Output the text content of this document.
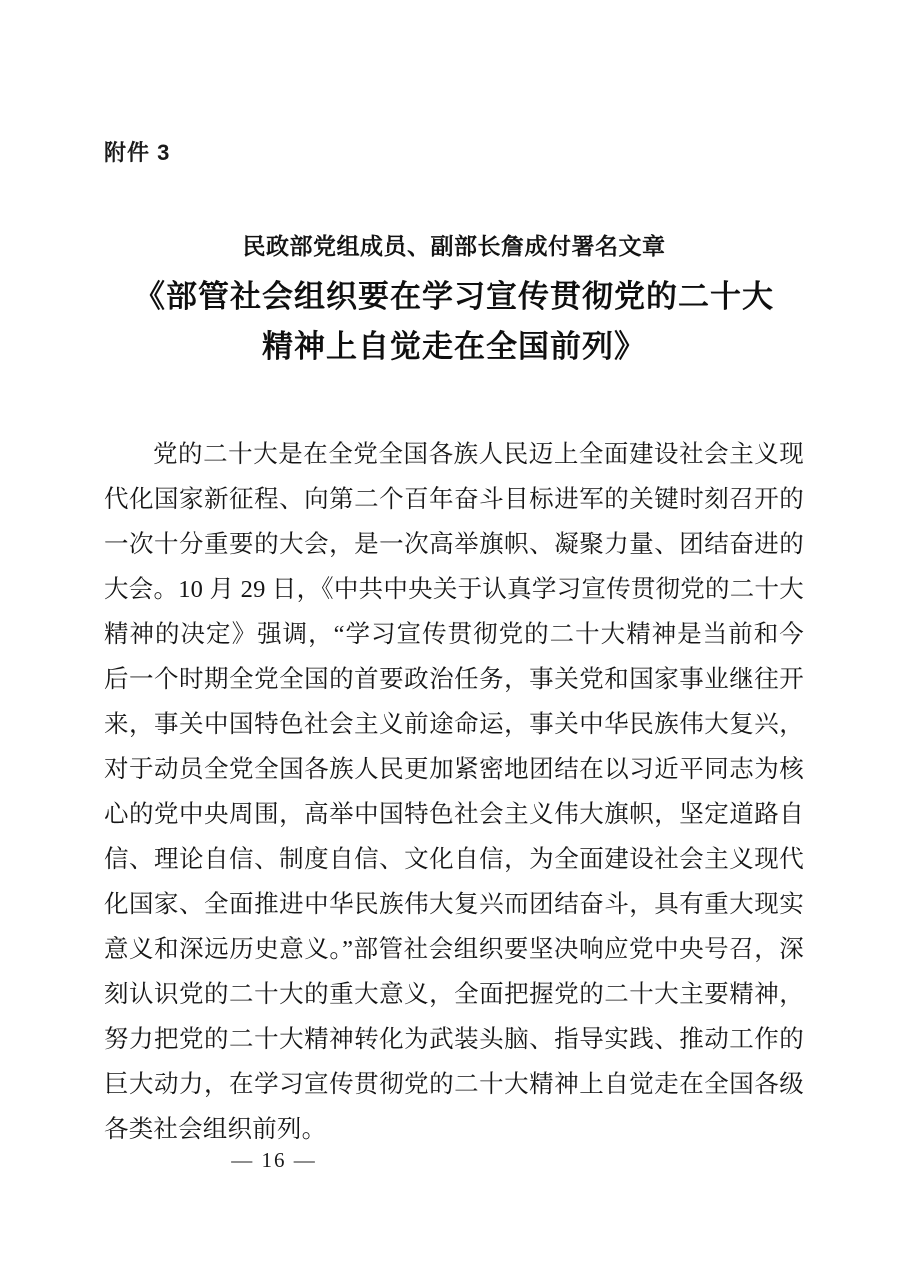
附件 3
民政部党组成员、副部长詹成付署名文章
《部管社会组织要在学习宣传贯彻党的二十大
精神上自觉走在全国前列》

党的二十大是在全党全国各族人民迈上全面建设社会主义现代化国家新征程、向第二个百年奋斗目标进军的关键时刻召开的一次十分重要的大会，是一次高举旗帜、凝聚力量、团结奋进的大会。10 月 29 日，《中共中央关于认真学习宣传贯彻党的二十大精神的决定》强调，“学习宣传贯彻党的二十大精神是当前和今后一个时期全党全国的首要政治任务，事关党和国家事业继往开来，事关中国特色社会主义前途命运，事关中华民族伟大复兴，对于动员全党全国各族人民更加紧密地团结在以习近平同志为核心的党中央周围，高举中国特色社会主义伟大旗帜，坚定道路自信、理论自信、制度自信、文化自信，为全面建设社会主义现代化国家、全面推进中华民族伟大复兴而团结奋斗，具有重大现实意义和深远历史意义。”部管社会组织要坚决响应党中央号召，深刻认识党的二十大的重大意义，全面把握党的二十大主要精神，努力把党的二十大精神转化为武装头脑、指导实践、推动工作的巨大动力，在学习宣传贯彻党的二十大精神上自觉走在全国各级各类社会组织前列。

— 16 —
